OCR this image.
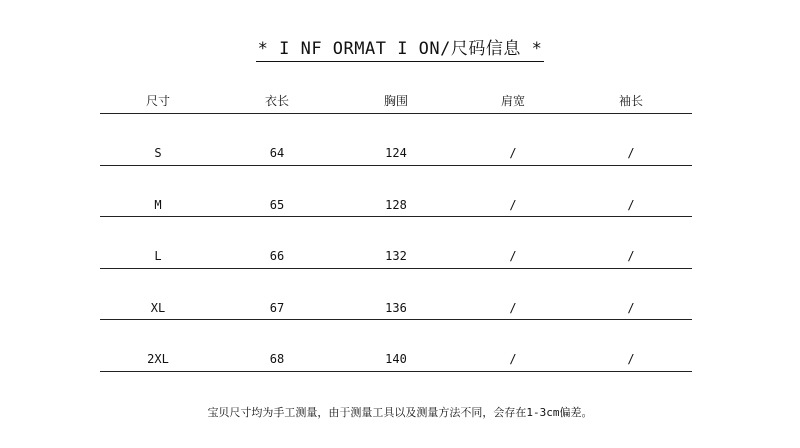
* I NF ORMAT I ON/尺码信息 *
尺寸	衣长	胸围	肩宽	袖长
S	64	124	/	/
M	65	128	/	/
L	66	132	/	/
XL	67	136	/	/
2XL	68	140	/	/
宝贝尺寸均为手工测量，由于测量工具以及测量方法不同，会存在1-3cm偏差。
